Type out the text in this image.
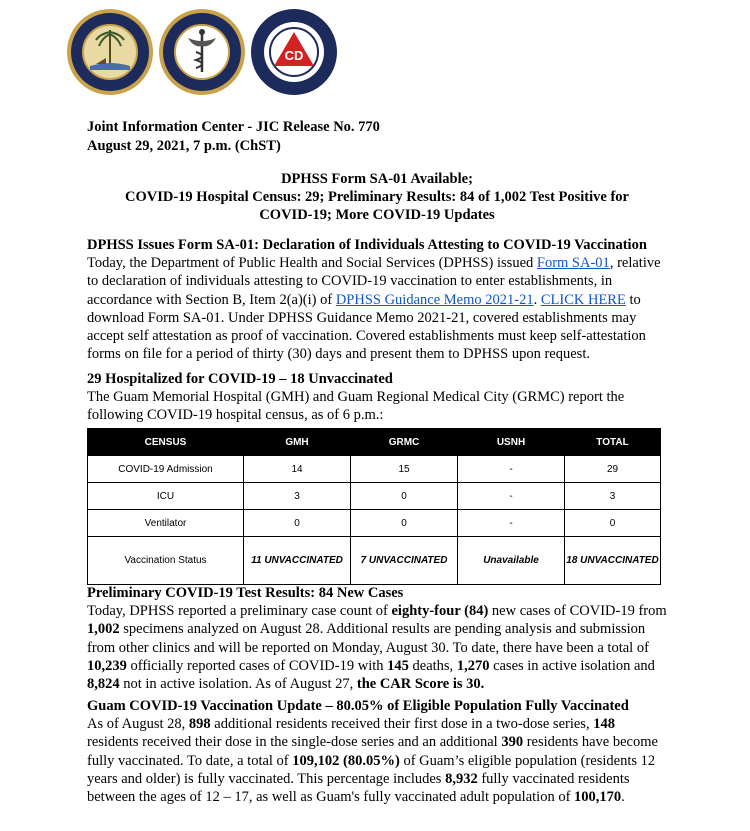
CD
Joint Information Center - JIC Release No. 770
August 29, 2021, 7 p.m. (ChST)
DPHSS Form SA-01 Available;
COVID-19 Hospital Census: 29; Preliminary Results: 84 of 1,002 Test Positive for
COVID-19; More COVID-19 Updates
DPHSS Issues Form SA-01: Declaration of Individuals Attesting to COVID-19 Vaccination
Today, the Department of Public Health and Social Services (DPHSS) issued Form SA-01, relative to declaration of individuals attesting to COVID-19 vaccination to enter establishments, in accordance with Section B, Item 2(a)(i) of DPHSS Guidance Memo 2021-21. CLICK HERE to download Form SA-01. Under DPHSS Guidance Memo 2021-21, covered establishments may accept self attestation as proof of vaccination. Covered establishments must keep self-attestation forms on file for a period of thirty (30) days and present them to DPHSS upon request.
29 Hospitalized for COVID-19 – 18 Unvaccinated
The Guam Memorial Hospital (GMH) and Guam Regional Medical City (GRMC) report the following COVID-19 hospital census, as of 6 p.m.:
CENSUS	GMH	GRMC	USNH	TOTAL
COVID-19 Admission	14	15	-	29
ICU	3	0	-	3
Ventilator	0	0	-	0
Vaccination Status	11 UNVACCINATED	7 UNVACCINATED	Unavailable	18 UNVACCINATED
Preliminary COVID-19 Test Results: 84 New Cases
Today, DPHSS reported a preliminary case count of eighty-four (84) new cases of COVID-19 from 1,002 specimens analyzed on August 28. Additional results are pending analysis and submission from other clinics and will be reported on Monday, August 30. To date, there have been a total of 10,239 officially reported cases of COVID-19 with 145 deaths, 1,270 cases in active isolation and 8,824 not in active isolation. As of August 27, the CAR Score is 30.
Guam COVID-19 Vaccination Update – 80.05% of Eligible Population Fully Vaccinated
As of August 28, 898 additional residents received their first dose in a two-dose series, 148 residents received their dose in the single-dose series and an additional 390 residents have become fully vaccinated. To date, a total of 109,102 (80.05%) of Guam’s eligible population (residents 12 years and older) is fully vaccinated. This percentage includes 8,932 fully vaccinated residents between the ages of 12 – 17, as well as Guam's fully vaccinated adult population of 100,170.
